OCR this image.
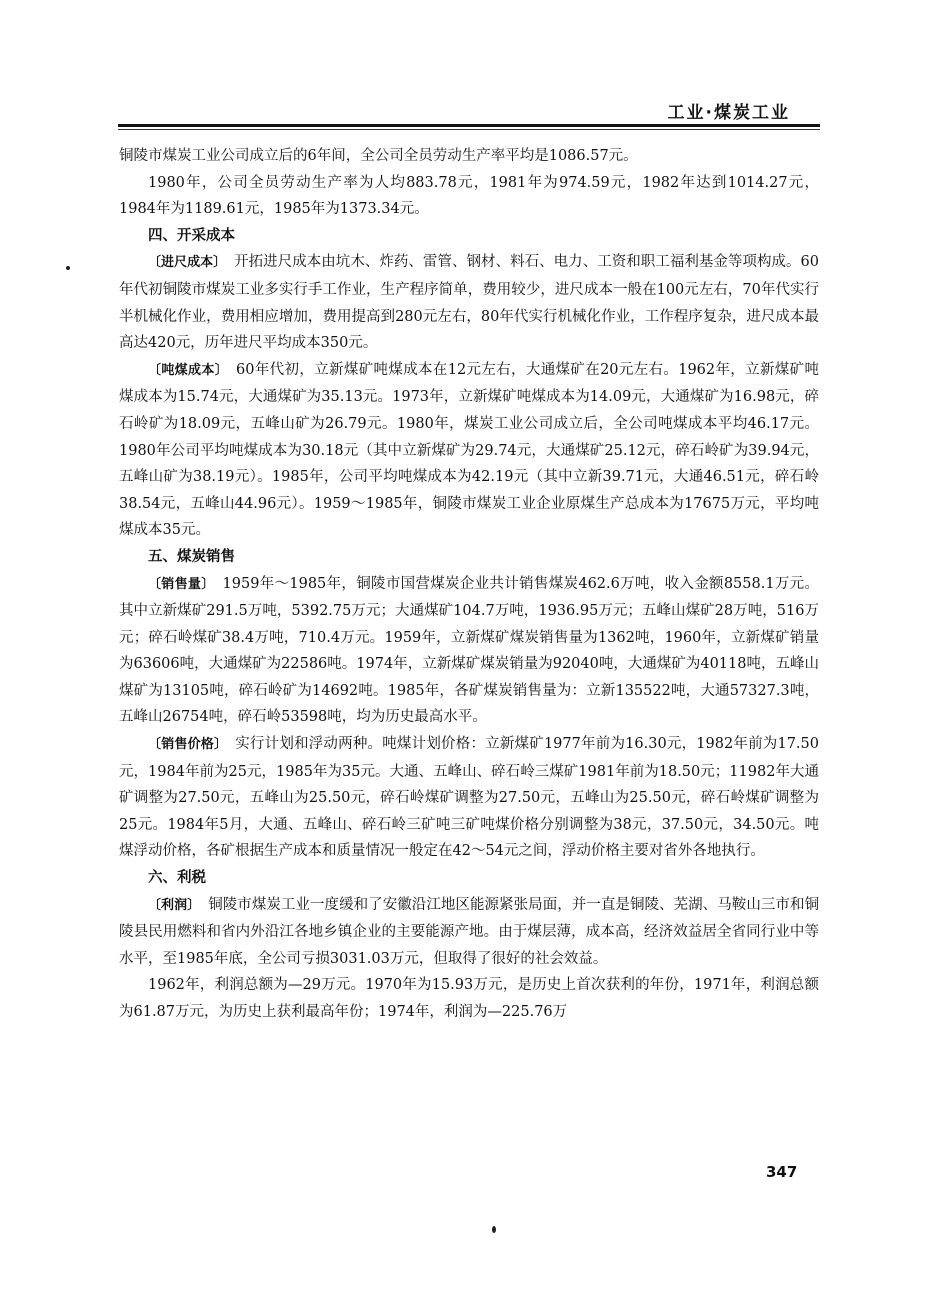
工业·煤炭工业

铜陵市煤炭工业公司成立后的6年间，全公司全员劳动生产率平均是1086.57元。

1980年，公司全员劳动生产率为人均883.78元，1981年为974.59元，1982年达到1014.27元，1984年为1189.61元，1985年为1373.34元。

四、开采成本

〔进尺成本〕 开拓进尺成本由坑木、炸药、雷管、钢材、料石、电力、工资和职工福利基金等项构成。60年代初铜陵市煤炭工业多实行手工作业，生产程序简单，费用较少，进尺成本一般在100元左右，70年代实行半机械化作业，费用相应增加，费用提高到280元左右，80年代实行机械化作业，工作程序复杂，进尺成本最高达420元，历年进尺平均成本350元。

〔吨煤成本〕 60年代初，立新煤矿吨煤成本在12元左右，大通煤矿在20元左右。1962年，立新煤矿吨煤成本为15.74元，大通煤矿为35.13元。1973年，立新煤矿吨煤成本为14.09元，大通煤矿为16.98元，碎石岭矿为18.09元，五峰山矿为26.79元。1980年，煤炭工业公司成立后，全公司吨煤成本平均46.17元。1980年公司平均吨煤成本为30.18元（其中立新煤矿为29.74元，大通煤矿25.12元，碎石岭矿为39.94元，五峰山矿为38.19元）。1985年，公司平均吨煤成本为42.19元（其中立新39.71元，大通46.51元，碎石岭38.54元，五峰山44.96元）。1959～1985年，铜陵市煤炭工业企业原煤生产总成本为17675万元，平均吨煤成本35元。

五、煤炭销售

〔销售量〕 1959年～1985年，铜陵市国营煤炭企业共计销售煤炭462.6万吨，收入金额8558.1万元。其中立新煤矿291.5万吨，5392.75万元；大通煤矿104.7万吨，1936.95万元；五峰山煤矿28万吨，516万元；碎石岭煤矿38.4万吨，710.4万元。1959年，立新煤矿煤炭销售量为1362吨，1960年，立新煤矿销量为63606吨，大通煤矿为22586吨。1974年，立新煤矿煤炭销量为92040吨，大通煤矿为40118吨，五峰山煤矿为13105吨，碎石岭矿为14692吨。1985年，各矿煤炭销售量为：立新135522吨，大通57327.3吨，五峰山26754吨，碎石岭53598吨，均为历史最高水平。

〔销售价格〕 实行计划和浮动两种。吨煤计划价格：立新煤矿1977年前为16.30元，1982年前为17.50元，1984年前为25元，1985年为35元。大通、五峰山、碎石岭三煤矿1981年前为18.50元；11982年大通矿调整为27.50元，五峰山为25.50元，碎石岭煤矿调整为27.50元，五峰山为25.50元，碎石岭煤矿调整为25元。1984年5月，大通、五峰山、碎石岭三矿吨三矿吨煤价格分别调整为38元，37.50元，34.50元。吨煤浮动价格，各矿根据生产成本和质量情况一般定在42～54元之间，浮动价格主要对省外各地执行。

六、利税

〔利润〕 铜陵市煤炭工业一度缓和了安徽沿江地区能源紧张局面，并一直是铜陵、芜湖、马鞍山三市和铜陵县民用燃料和省内外沿江各地乡镇企业的主要能源产地。由于煤层薄，成本高，经济效益居全省同行业中等水平，至1985年底，全公司亏损3031.03万元，但取得了很好的社会效益。

1962年，利润总额为—29万元。1970年为15.93万元，是历史上首次获利的年份，1971年，利润总额为61.87万元，为历史上获利最高年份；1974年，利润为—225.76万

347
